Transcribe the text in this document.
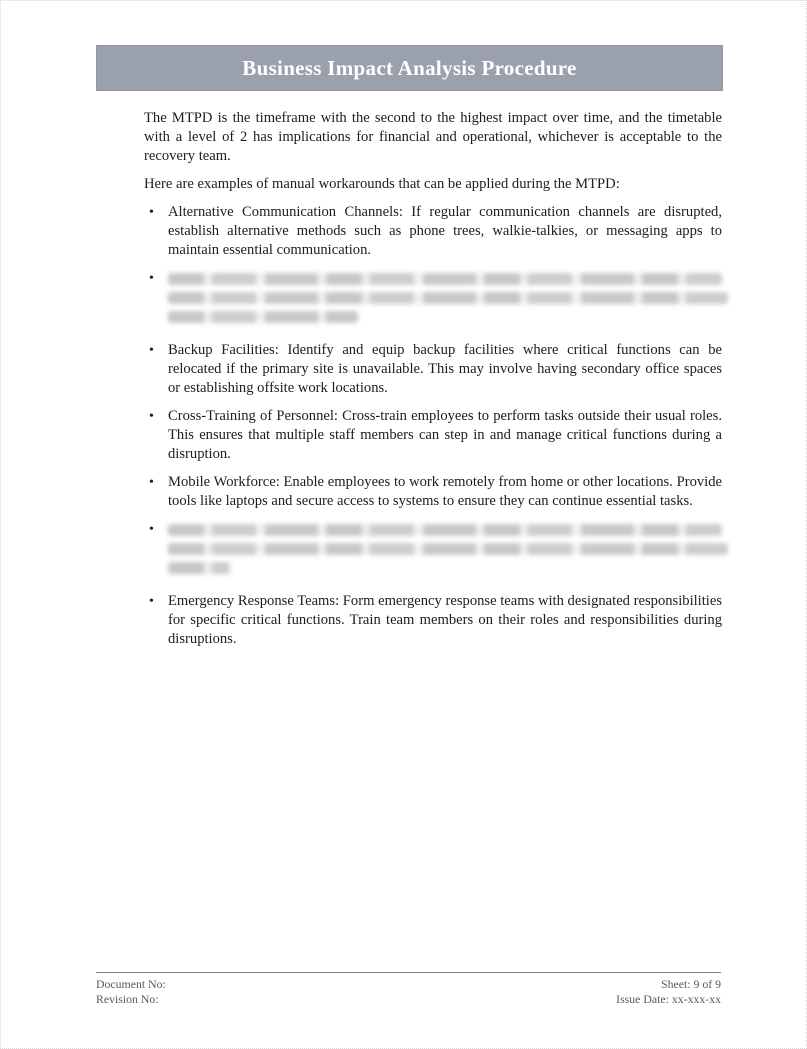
Business Impact Analysis Procedure

The MTPD is the timeframe with the second to the highest impact over time, and the timetable with a level of 2 has implications for financial and operational, whichever is acceptable to the recovery team.

Here are examples of manual workarounds that can be applied during the MTPD:

• Alternative Communication Channels: If regular communication channels are disrupted, establish alternative methods such as phone trees, walkie-talkies, or messaging apps to maintain essential communication.
•
• Backup Facilities: Identify and equip backup facilities where critical functions can be relocated if the primary site is unavailable. This may involve having secondary office spaces or establishing offsite work locations.
• Cross-Training of Personnel: Cross-train employees to perform tasks outside their usual roles. This ensures that multiple staff members can step in and manage critical functions during a disruption.
• Mobile Workforce: Enable employees to work remotely from home or other locations. Provide tools like laptops and secure access to systems to ensure they can continue essential tasks.
•
• Emergency Response Teams: Form emergency response teams with designated responsibilities for specific critical functions. Train team members on their roles and responsibilities during disruptions.
Document No:	Sheet: 9 of 9
Revision No:	Issue Date: xx-xxx-xx
